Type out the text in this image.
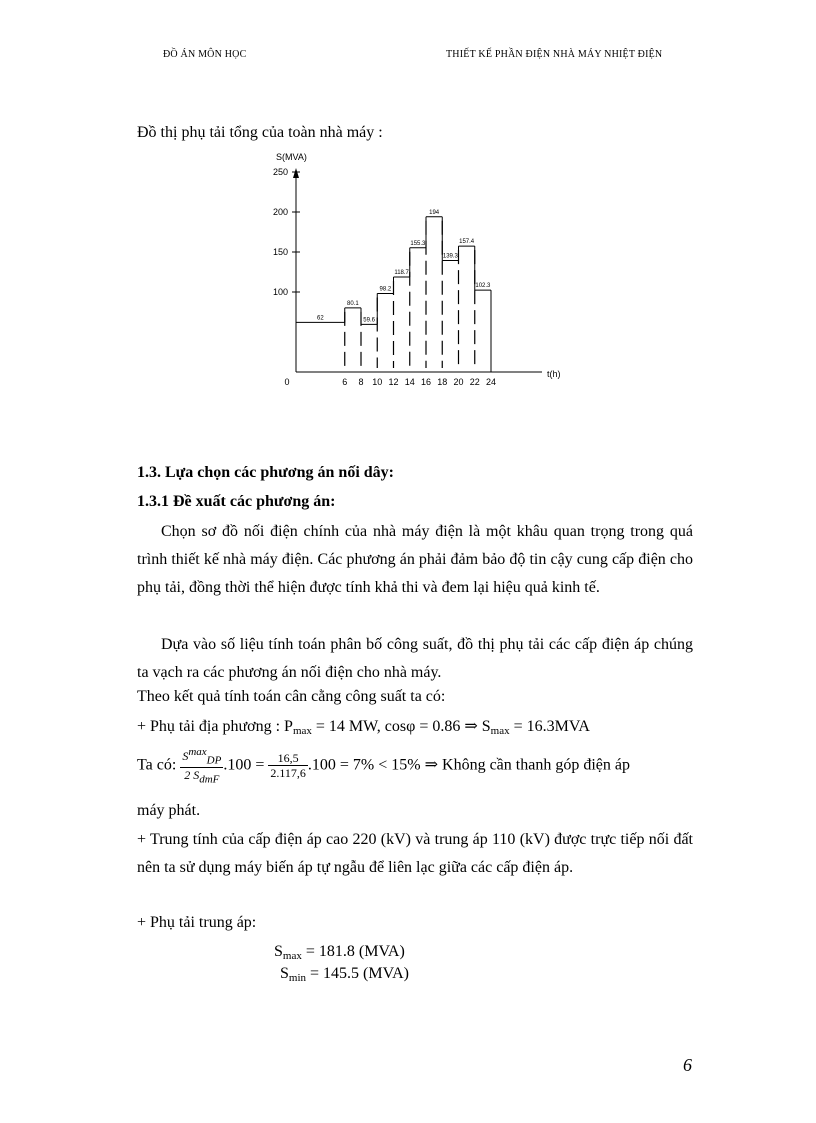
ĐỒ ÁN MÔN HỌC	THIẾT KẾ PHẦN ĐIỆN NHÀ MÁY NHIỆT ĐIỆN
Đồ thị phụ tải tổng của toàn nhà máy :
S(MVA)
t(h)
0
100
150
200
250
6 8 10 12 14 16 18 20 22 24
62
80.1
59.6
98.2
118.7
155.3
194
139.3
157.4
102.3
1.3. Lựa chọn các phương án nối dây:
1.3.1 Đề xuất các phương án:
Chọn sơ đồ nối điện chính của nhà máy điện là một khâu quan trọng trong quá trình thiết kế nhà máy điện. Các phương án phải đảm bảo độ tin cậy cung cấp điện cho phụ tải, đồng thời thể hiện được tính khả thi và đem lại hiệu quả kinh tế.
Dựa vào số liệu tính toán phân bố công suất, đồ thị phụ tải các cấp điện áp chúng ta vạch ra các phương án nối điện cho nhà máy.
Theo kết quả tính toán cân cằng công suất ta có:
+ Phụ tải địa phương : $P_{max} = 14$ MW, cosφ = 0.86 ⇒ $S_{max} = 16.3MVA$
Ta có: $\frac{S^{max}_{DP}}{2 S_{dmF}} .100 = \frac{16,5}{2.117,6} .100 = 7\% < 15\%$ ⇒ Không cần thanh góp điện áp
máy phát.
+ Trung tính của cấp điện áp cao 220 (kV) và trung áp 110 (kV) được trực tiếp nối đất nên ta sử dụng máy biến áp tự ngẫu để liên lạc giữa các cấp điện áp.
+ Phụ tải trung áp:
$S_{max} = 181.8$ (MVA)
$S_{min} = 145.5$ (MVA)
6
